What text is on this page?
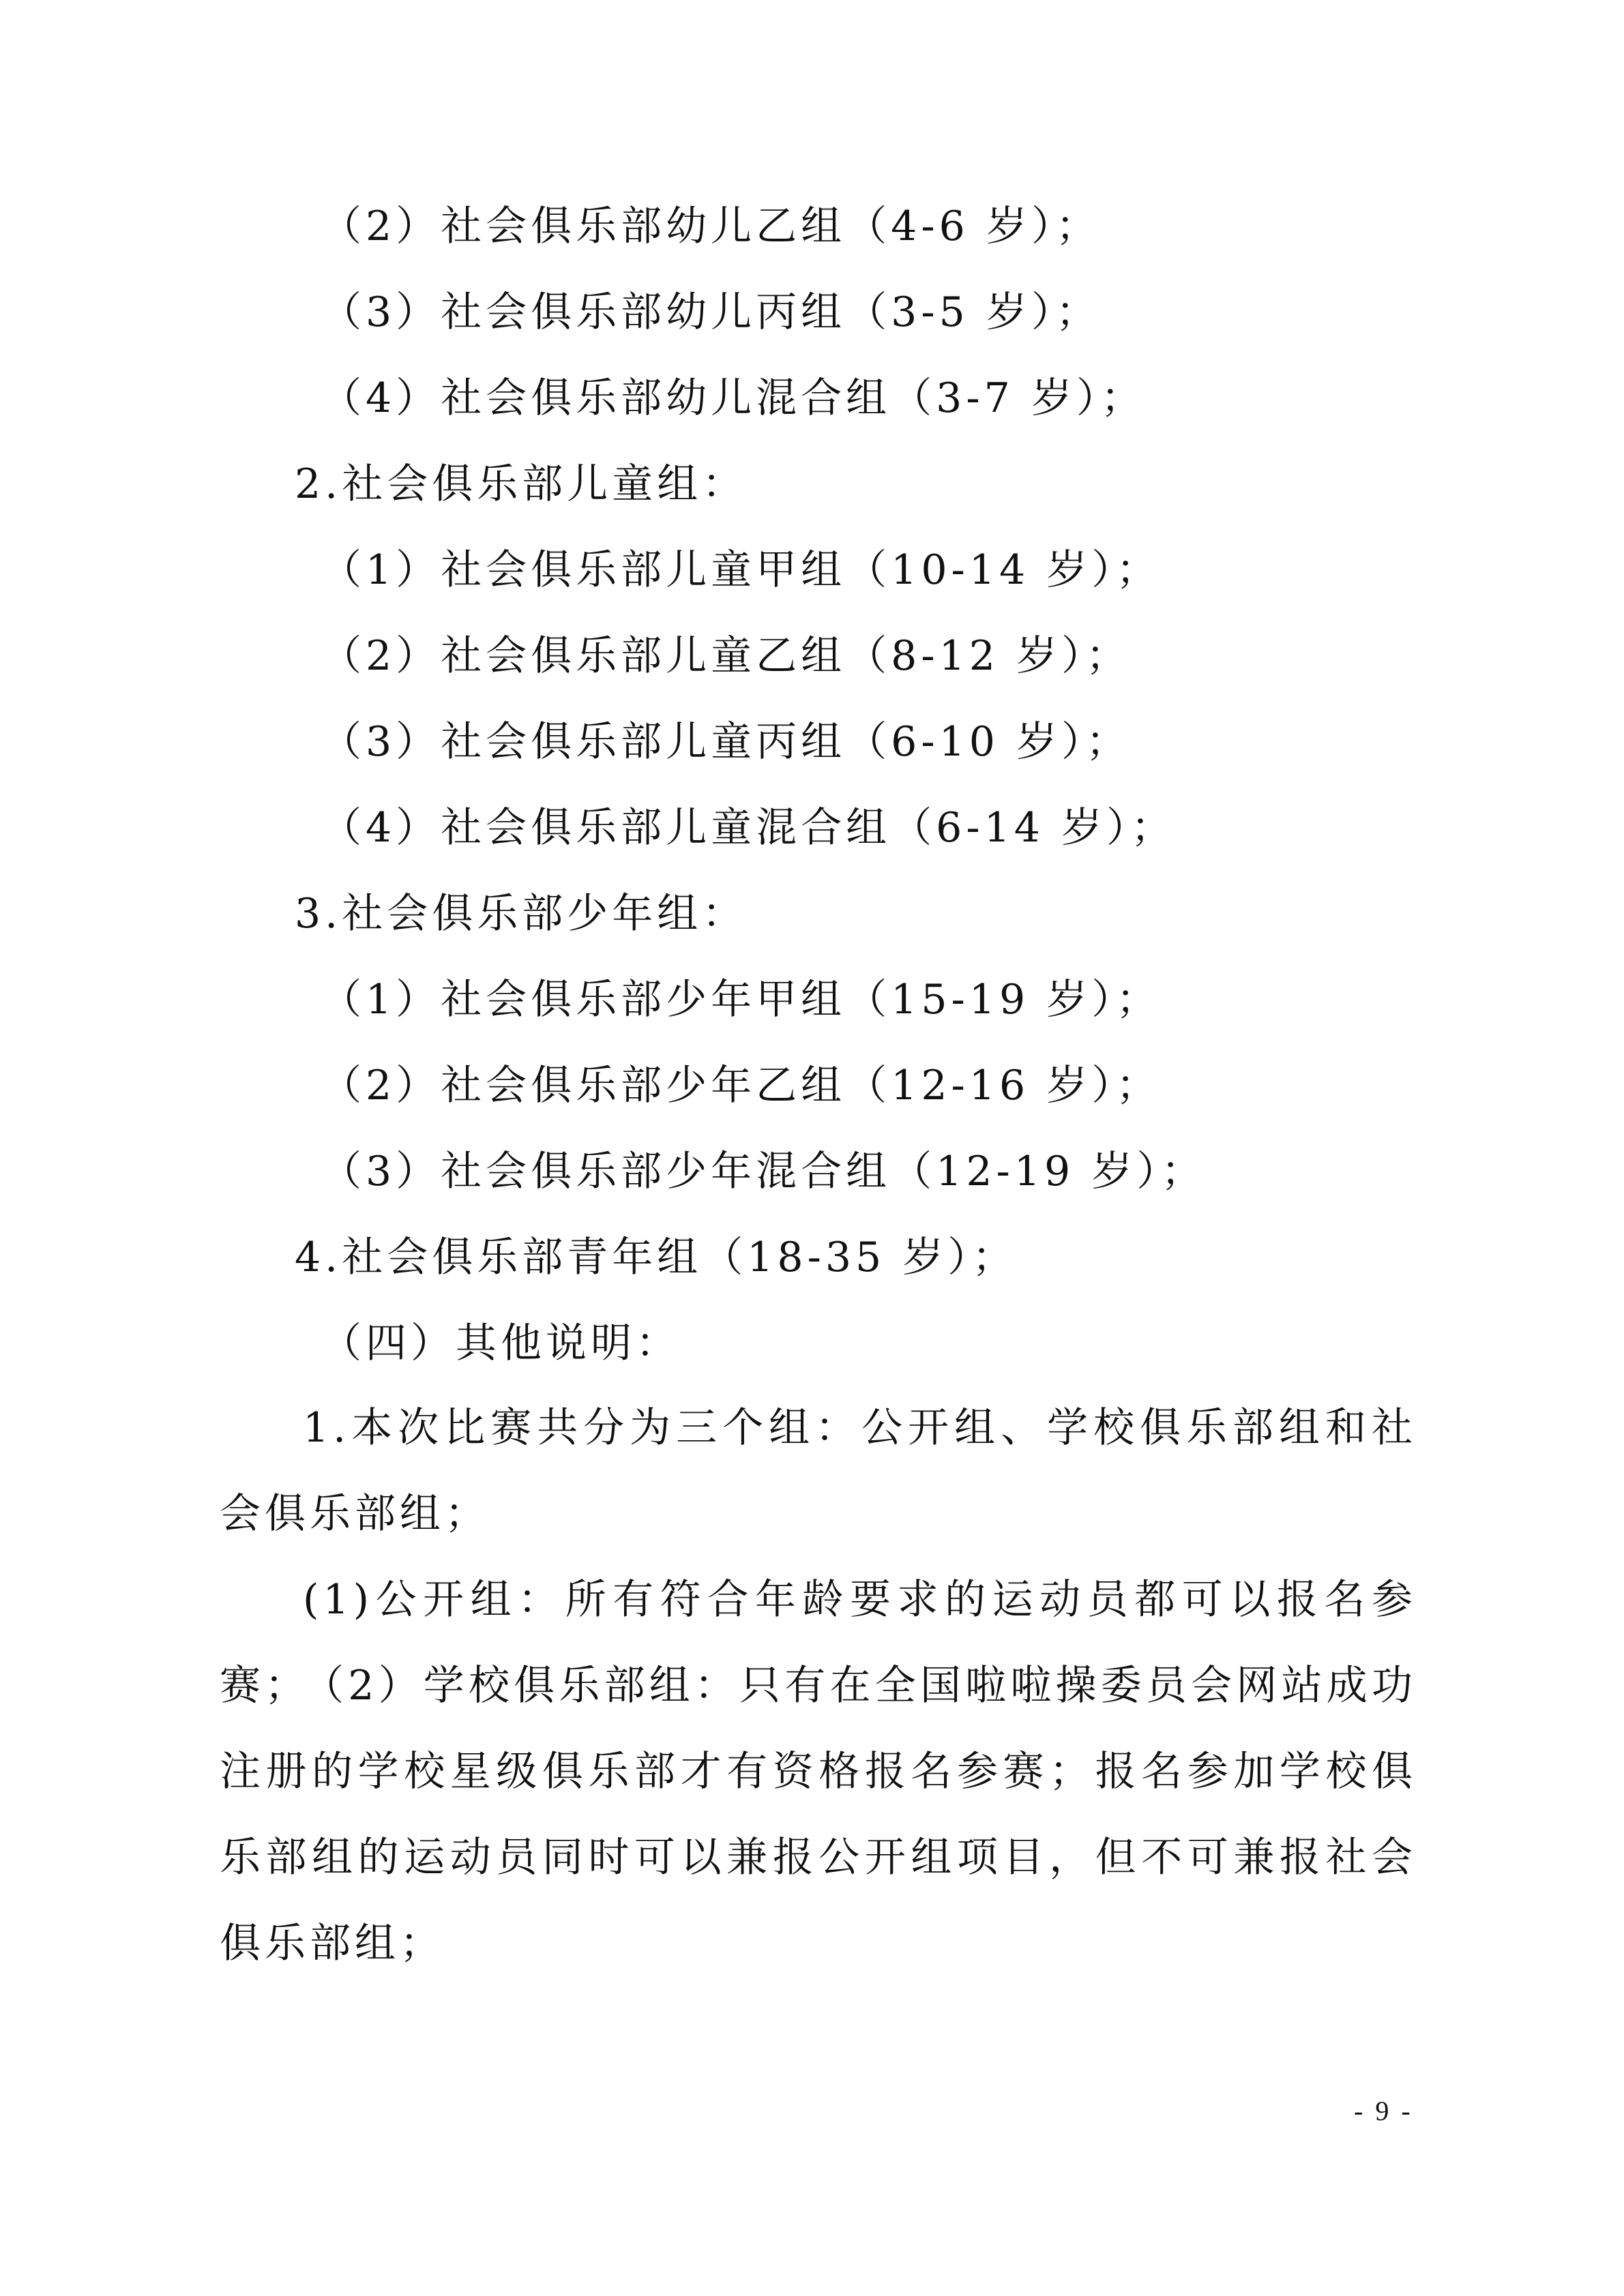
（2）社会俱乐部幼儿乙组（4-6 岁）；
（3）社会俱乐部幼儿丙组（3-5 岁）；
（4）社会俱乐部幼儿混合组（3-7 岁）；
2.社会俱乐部儿童组：
（1）社会俱乐部儿童甲组（10-14 岁）；
（2）社会俱乐部儿童乙组（8-12 岁）；
（3）社会俱乐部儿童丙组（6-10 岁）；
（4）社会俱乐部儿童混合组（6-14 岁）；
3.社会俱乐部少年组：
（1）社会俱乐部少年甲组（15-19 岁）；
（2）社会俱乐部少年乙组（12-16 岁）；
（3）社会俱乐部少年混合组（12-19 岁）；
4.社会俱乐部青年组（18-35 岁）；
（四）其他说明：
1.本次比赛共分为三个组：公开组、学校俱乐部组和社会俱乐部组；
(1)公开组：所有符合年龄要求的运动员都可以报名参赛；
（2）学校俱乐部组：只有在全国啦啦操委员会网站成功注册的学校星级俱乐部才有资格报名参赛；报名参加学校俱乐部组的运动员同时可以兼报公开组项目，但不可兼报社会俱乐部组；
- 9 -
